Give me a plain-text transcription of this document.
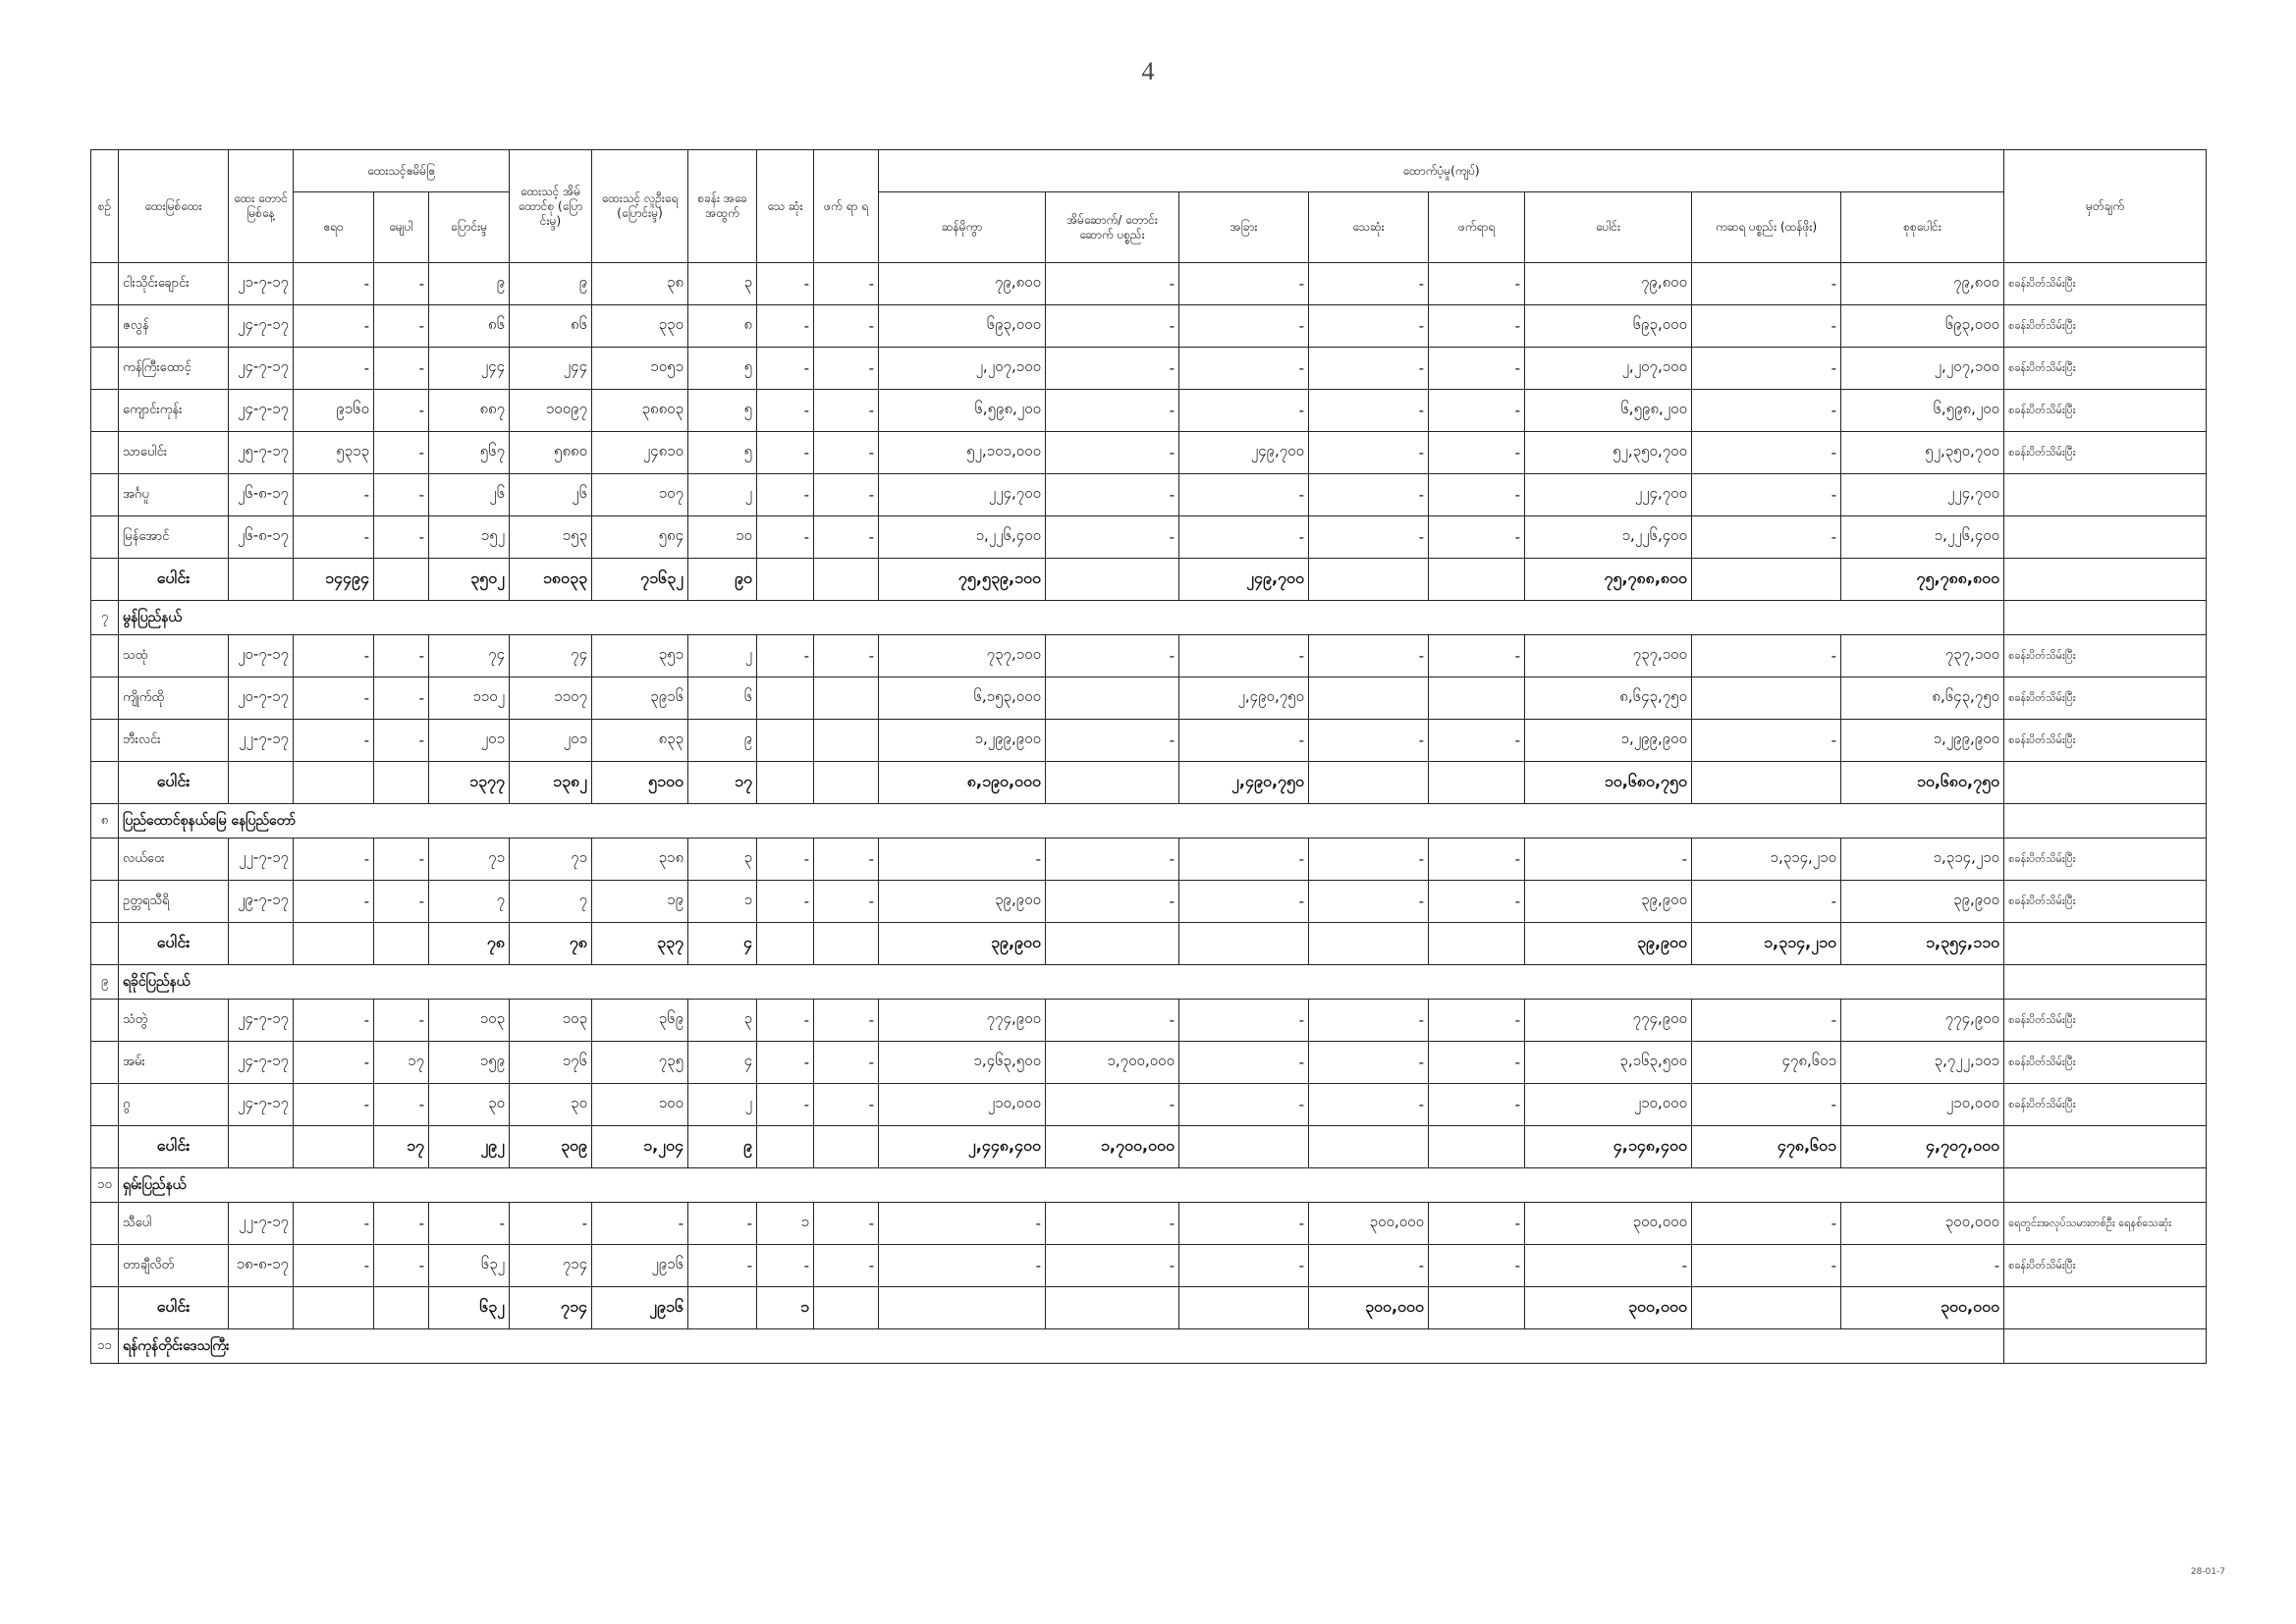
4
စဥ်	ထေးမြစ်ထေး	ထေး တောင် မြစ်နေ့	ထေးသင့်ဧမိမ်ဧြ			ထေးသင့် အိမ် ထောင်စု (ပြောင်းမ္ဒ)	ထေးသင့် လူဦးရေ (ပြောင်းမ္ဒ)	စခန်း အခေ အထွက်	သေ ဆုံး	ဖက် ရာ ရ	ထောက်ပံ့မှု(ကျပ်)								မှတ်ချက်
			ဧရဝ	မျေပါ	ပြောင်းမ္ဒ						ဆန်မိုကွာ	အိမ်ဆောက်/ တောင်းဆောက် ပစ္စည်း	အခြား	သေဆုံး	ဖက်ရာရ	ပေါင်း	ကဆရ ပစ္စည်း (ထန်ဖိုး)	စုစုပေါင်း	
	ငါးသိုင်းချောင်း	၂၁-၇-၁၇	-	-	၉	၉	၃၈	၃	-	-	၇၉,၈၀၀	-	-	-	-	၇၉,၈၀၀	-	၇၉,၈၀၀	စခန်းပိတ်သိမ်းပြီး
	ဇလွန်	၂၄-၇-၁၇	-	-	၈၆	၈၆	၃၃၀	၈	-	-	၆၉၃,၀၀၀	-	-	-	-	၆၉၃,၀၀၀	-	၆၉၃,၀၀၀	စခန်းပိတ်သိမ်းပြီး
	ကန်ကြီးထောင့်	၂၄-၇-၁၇	-	-	၂၄၄	၂၄၄	၁၀၅၁	၅	-	-	၂,၂၀၇,၁၀၀	-	-	-	-	၂,၂၀၇,၁၀၀	-	၂,၂၀၇,၁၀၀	စခန်းပိတ်သိမ်းပြီး
	ကျောင်းကုန်း	၂၄-၇-၁၇	၉၁၆၀	-	၈၈၇	၁၀၀၉၇	၃၈၈၀၃	၅	-	-	၆,၅၉၈,၂၀၀	-	-	-	-	၆,၅၉၈,၂၀၀	-	၆,၅၉၈,၂၀၀	စခန်းပိတ်သိမ်းပြီး
	သာပေါင်း	၂၅-၇-၁၇	၅၃၁၃	-	၅၆၇	၅၈၈၀	၂၄၈၁၀	၅	-	-	၅၂,၁၀၁,၀၀၀	-	၂၄၉,၇၀၀	-	-	၅၂,၃၅၀,၇၀၀	-	၅၂,၃၅၀,၇၀၀	စခန်းပိတ်သိမ်းပြီး
	အင်္ဂပူ	၂၆-၈-၁၇	-	-	၂၆	၂၆	၁၀၇	၂	-	-	၂၂၄,၇၀၀	-	-	-	-	၂၂၄,၇၀၀	-	၂၂၄,၇၀၀	
	မြန်အောင်	၂၆-၈-၁၇	-	-	၁၅၂	၁၅၃	၅၈၄	၁၀	-	-	၁,၂၂၆,၄၀၀	-	-	-	-	၁,၂၂၆,၄၀၀	-	၁,၂၂၆,၄၀၀	
	ပေါင်း		၁၄၄၉၄		၃၅၀၂	၁၈၀၃၃	၇၁၆၃၂	၉၀			၇၅,၅၃၉,၁၀၀		၂၄၉,၇၀၀			၇၅,၇၈၈,၈၀၀		၇၅,၇၈၈,၈၀၀	
၇	မွန်ပြည်နယ်																		
	သထုံ	၂၀-၇-၁၇	-	-	၇၄	၇၄	၃၅၁	၂	-	-	၇၃၇,၁၀၀	-	-	-	-	၇၃၇,၁၀၀	-	၇၃၇,၁၀၀	စခန်းပိတ်သိမ်းပြီး
	ကျိုက်ထို	၂၀-၇-၁၇	-	-	၁၁၀၂	၁၁၀၇	၃၉၁၆	၆			၆,၁၅၃,၀၀၀		၂,၄၉၀,၇၅၀			၈,၆၄၃,၇၅၀		၈,၆၄၃,၇၅၀	စခန်းပိတ်သိမ်းပြီး
	ဘီးလင်း	၂၂-၇-၁၇	-	-	၂၀၁	၂၀၁	၈၃၃	၉			၁,၂၉၉,၉၀၀	-	-	-	-	၁,၂၉၉,၉၀၀	-	၁,၂၉၉,၉၀၀	စခန်းပိတ်သိမ်းပြီး
	ပေါင်း				၁၃၇၇	၁၃၈၂	၅၁၀၀	၁၇			၈,၁၉၀,၀၀၀		၂,၄၉၀,၇၅၀			၁၀,၆၈၀,၇၅၀		၁၀,၆၈၀,၇၅၀	
၈	ပြည်ထောင်စုနယ်မြေ နေပြည်တော်																		
	လယ်ဝေး	၂၂-၇-၁၇	-	-	၇၁	၇၁	၃၁၈	၃	-	-	-	-	-	-	-	-	၁,၃၁၄,၂၁၀	၁,၃၁၄,၂၁၀	စခန်းပိတ်သိမ်းပြီး
	ဥတ္တရသီရိ	၂၉-၇-၁၇	-	-	၇	၇	၁၉	၁	-	-	၃၉,၉၀၀	-	-	-	-	၃၉,၉၀၀	-	၃၉,၉၀၀	စခန်းပိတ်သိမ်းပြီး
	ပေါင်း				၇၈	၇၈	၃၃၇	၄			၃၉,၉၀၀					၃၉,၉၀၀	၁,၃၁၄,၂၁၀	၁,၃၅၄,၁၁၀	
၉	ရခိုင်ပြည်နယ်																		
	သံတွဲ	၂၄-၇-၁၇	-	-	၁၀၃	၁၀၃	၃၆၉	၃	-	-	၇၇၄,၉၀၀	-	-	-	-	၇၇၄,၉၀၀	-	၇၇၄,၉၀၀	စခန်းပိတ်သိမ်းပြီး
	အမ်း	၂၄-၇-၁၇	-	၁၇	၁၅၉	၁၇၆	၇၃၅	၄	-	-	၁,၄၆၃,၅၀၀	၁,၇၀၀,၀၀၀	-	-	-	၃,၁၆၃,၅၀၀	၄၇၈,၆၀၁	၃,၇၂၂,၁၀၁	စခန်းပိတ်သိမ်းပြီး
	ဂွ	၂၄-၇-၁၇	-	-	၃၀	၃၀	၁၀၀	၂	-	-	၂၁၀,၀၀၀	-	-	-	-	၂၁၀,၀၀၀	-	၂၁၀,၀၀၀	စခန်းပိတ်သိမ်းပြီး
	ပေါင်း			၁၇	၂၉၂	၃၀၉	၁,၂၀၄	၉			၂,၄၄၈,၄၀၀	၁,၇၀၀,၀၀၀				၄,၁၄၈,၄၀၀	၄၇၈,၆၀၁	၄,၇၀၇,၀၀၀	
၁၀	ရှမ်းပြည်နယ်																		
	သီပေါ	၂၂-၇-၁၇	-	-	-	-	-	-	၁	-	-	-	-	၃၀၀,၀၀၀	-	၃၀၀,၀၀၀	-	၃၀၀,၀၀၀	ရေတွင်းအလုပ်သမားတစ်ဦး ရေနစ်သေဆုံး
	တာချီလိတ်	၁၈-၈-၁၇	-	-	၆၃၂	၇၁၄	၂၉၁၆	-	-	-	-	-	-	-	-	-	-	-	စခန်းပိတ်သိမ်းပြီး
	ပေါင်း				၆၃၂	၇၁၄	၂၉၁၆		၁					၃၀၀,၀၀၀		၃၀၀,၀၀၀		၃၀၀,၀၀၀	
၁၁	ရန်ကုန်တိုင်းဒေသကြီး																		
28-01-7
